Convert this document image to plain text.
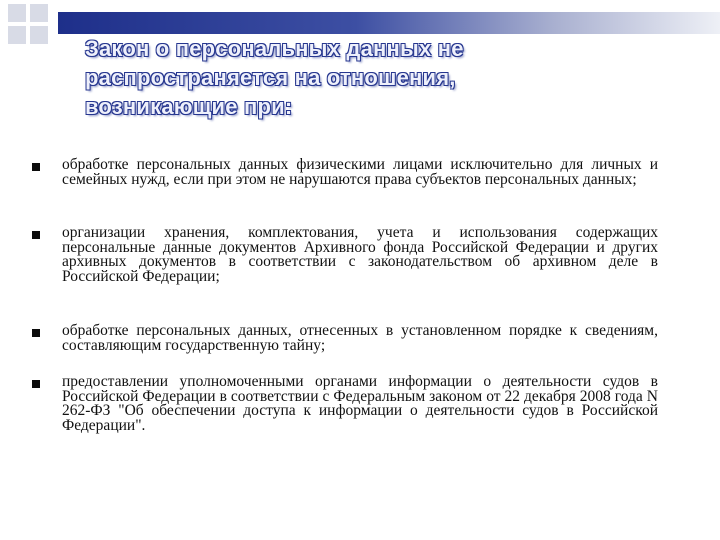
Закон о персональных данных не
распространяется на отношения,
возникающие при:
обработке персональных данных физическими лицами исключительно для личных и семейных нужд, если при этом не нарушаются права субъектов персональных данных;
организации хранения, комплектования, учета и использования содержащих персональные данные документов Архивного фонда Российской Федерации и других архивных документов в соответствии с законодательством об архивном деле в Российской Федерации;
обработке персональных данных, отнесенных в установленном порядке к сведениям, составляющим государственную тайну;
предоставлении уполномоченными органами информации о деятельности судов в Российской Федерации в соответствии с Федеральным законом от 22 декабря 2008 года N 262-ФЗ "Об обеспечении доступа к информации о деятельности судов в Российской Федерации".
